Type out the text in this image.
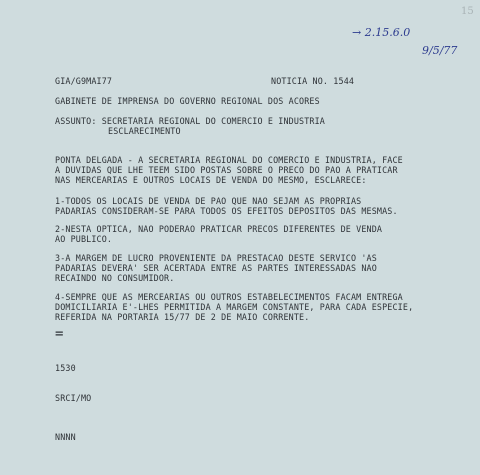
15
→ 2.15.6.0
9/5/77
GIA/G9MAI77	NOTICIA NO. 1544
GABINETE DE IMPRENSA DO GOVERNO REGIONAL DOS ACORES
ASSUNTO: SECRETARIA REGIONAL DO COMERCIO E INDUSTRIA
ESCLARECIMENTO
PONTA DELGADA - A SECRETARIA REGIONAL DO COMERCIO E INDUSTRIA, FACE
A DUVIDAS QUE LHE TEEM SIDO POSTAS SOBRE O PRECO DO PAO A PRATICAR
NAS MERCEARIAS E OUTROS LOCAIS DE VENDA DO MESMO, ESCLARECE:
1-TODOS OS LOCAIS DE VENDA DE PAO QUE NAO SEJAM AS PROPRIAS
PADARIAS CONSIDERAM-SE PARA TODOS OS EFEITOS DEPOSITOS DAS MESMAS.
2-NESTA OPTICA, NAO PODERAO PRATICAR PRECOS DIFERENTES DE VENDA
AO PUBLICO.
3-A MARGEM DE LUCRO PROVENIENTE DA PRESTACAO DESTE SERVICO 'AS
PADARIAS DEVERA' SER ACERTADA ENTRE AS PARTES INTERESSADAS NAO
RECAINDO NO CONSUMIDOR.
4-SEMPRE QUE AS MERCEARIAS OU OUTROS ESTABELECIMENTOS FACAM ENTREGA
DOMICILIARIA E'-LHES PERMITIDA A MARGEM CONSTANTE, PARA CADA ESPECIE,
REFERIDA NA PORTARIA 15/77 DE 2 DE MAIO CORRENTE.
=
1530
SRCI/MO
NNNN
